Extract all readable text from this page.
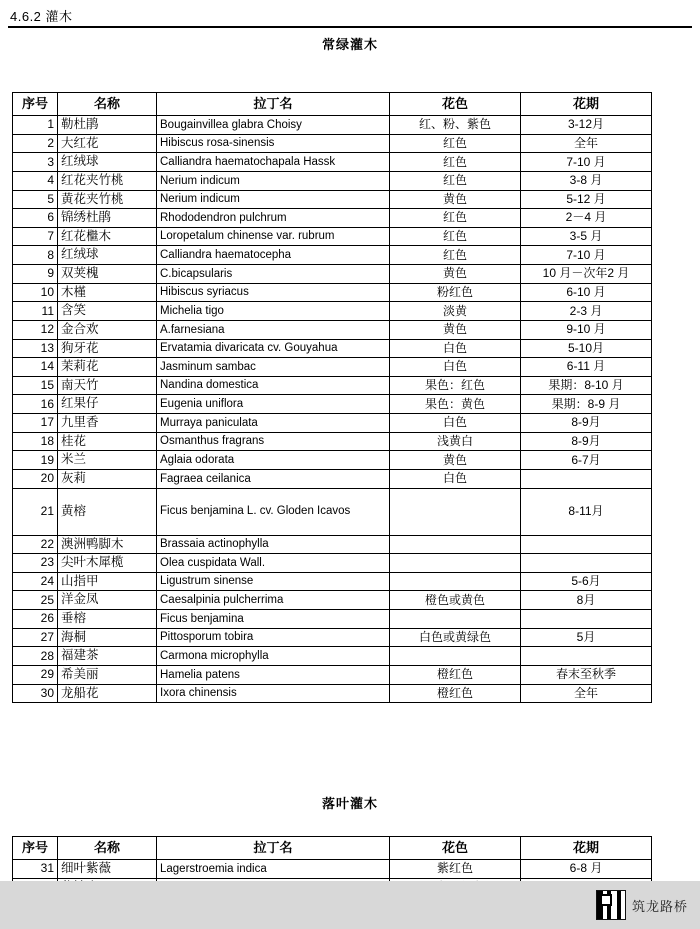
4.6.2 灌木
常绿灌木
序号	名称	拉丁名	花色	花期
1	勒杜鹃	Bougainvillea glabra Choisy	红、粉、紫色	3-12月
2	大红花	Hibiscus rosa-sinensis	红色	全年
3	红绒球	Calliandra haematochapala Hassk	红色	7-10 月
4	红花夹竹桃	Nerium indicum	红色	3-8 月
5	黄花夹竹桃	Nerium indicum	黄色	5-12 月
6	锦绣杜鹃	Rhododendron pulchrum	红色	2－4 月
7	红花檵木	Loropetalum chinense var. rubrum	红色	3-5 月
8	红绒球	Calliandra haematocepha	红色	7-10 月
9	双荚槐	C.bicapsularis	黄色	10 月－次年2 月
10	木槿	Hibiscus syriacus	粉红色	6-10 月
11	含笑	Michelia tigo	淡黄	2-3 月
12	金合欢	A.farnesiana	黄色	9-10 月
13	狗牙花	Ervatamia divaricata cv. Gouyahua	白色	5-10月
14	茉莉花	Jasminum sambac	白色	6-11 月
15	南天竹	Nandina domestica	果色：红色	果期：8-10 月
16	红果仔	Eugenia uniflora	果色：黄色	果期：8-9 月
17	九里香	Murraya paniculata	白色	8-9月
18	桂花	Osmanthus fragrans	浅黄白	8-9月
19	米兰	Aglaia odorata	黄色	6-7月
20	灰莉	Fagraea ceilanica	白色	
21	黄榕	Ficus benjamina L. cv. Gloden Icavos		8-11月
22	澳洲鸭脚木	Brassaia actinophylla		
23	尖叶木犀榄	Olea cuspidata Wall.		
24	山指甲	Ligustrum sinense		5-6月
25	洋金凤	Caesalpinia pulcherrima	橙色或黄色	8月
26	垂榕	Ficus benjamina		
27	海桐	Pittosporum tobira	白色或黄绿色	5月
28	福建茶	Carmona microphylla		
29	希美丽	Hamelia patens	橙红色	春末至秋季
30	龙船花	Ixora chinensis	橙红色	全年
落叶灌木
序号	名称	拉丁名	花色	花期
31	细叶紫薇	Lagerstroemia indica	紫红色	6-8 月

筑龙路桥
